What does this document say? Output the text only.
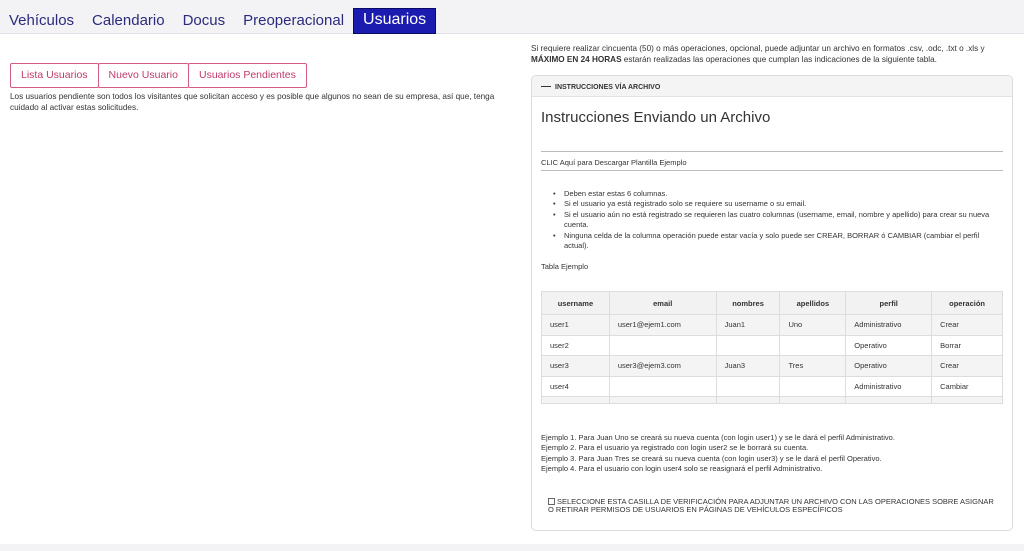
Vehículos	Calendario	Docus	Preoperacional	Usuarios
Lista Usuarios	Nuevo Usuario	Usuarios Pendientes
Los usuarios pendiente son todos los visitantes que solicitan acceso y es posible que algunos no sean de su empresa, así que, tenga cuidado al activar estas solicitudes.
Si requiere realizar cincuenta (50) o más operaciones, opcional, puede adjuntar un archivo en formatos .csv, .odc, .txt o .xls y MÁXIMO EN 24 HORAS estarán realizadas las operaciones que cumplan las indicaciones de la siguiente tabla.
— INSTRUCCIONES VÍA ARCHIVO
Instrucciones Enviando un Archivo
CLIC Aquí para Descargar Plantilla Ejemplo
• Deben estar estas 6 columnas.
• Si el usuario ya está registrado solo se requiere su username o su email.
• Si el usuario aún no está registrado se requieren las cuatro columnas (username, email, nombre y apellido) para crear su nueva cuenta.
• Ninguna celda de la columna operación puede estar vacía y solo puede ser CREAR, BORRAR ó CAMBIAR (cambiar el perfil actual).
Tabla Ejemplo
username	email	nombres	apellidos	perfil	operación
user1	user1@ejem1.com	Juan1	Uno	Administrativo	Crear
user2				Operativo	Borrar
user3	user3@ejem3.com	Juan3	Tres	Operativo	Crear
user4				Administrativo	Cambiar

Ejemplo 1. Para Juan Uno se creará su nueva cuenta (con login user1) y se le dará el perfil Administrativo.
Ejemplo 2. Para el usuario ya registrado con login user2 se le borrará su cuenta.
Ejemplo 3. Para Juan Tres se creará su nueva cuenta (con login user3) y se le dará el perfil Operativo.
Ejemplo 4. Para el usuario con login user4 solo se reasignará el perfil Administrativo.
SELECCIONE ESTA CASILLA DE VERIFICACIÓN PARA ADJUNTAR UN ARCHIVO CON LAS OPERACIONES SOBRE ASIGNAR O RETIRAR PERMISOS DE USUARIOS EN PÁGINAS DE VEHÍCULOS ESPECÍFICOS
